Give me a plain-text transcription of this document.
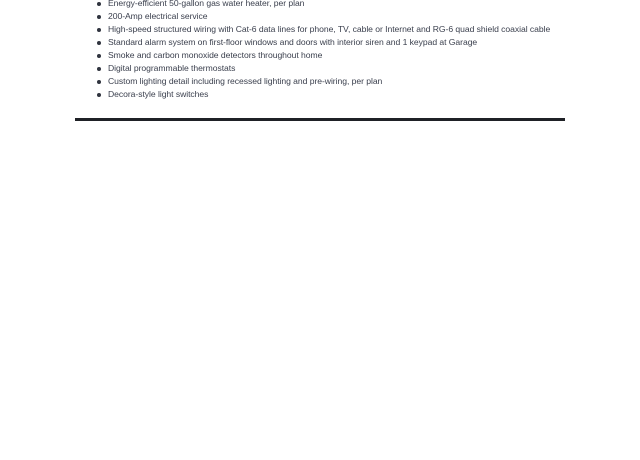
Energy-efficient 50-gallon gas water heater, per plan
200-Amp electrical service
High-speed structured wiring with Cat-6 data lines for phone, TV, cable or Internet and RG-6 quad shield coaxial cable
Standard alarm system on first-floor windows and doors with interior siren and 1 keypad at Garage
Smoke and carbon monoxide detectors throughout home
Digital programmable thermostats
Custom lighting detail including recessed lighting and pre-wiring, per plan
Decora-style light switches
